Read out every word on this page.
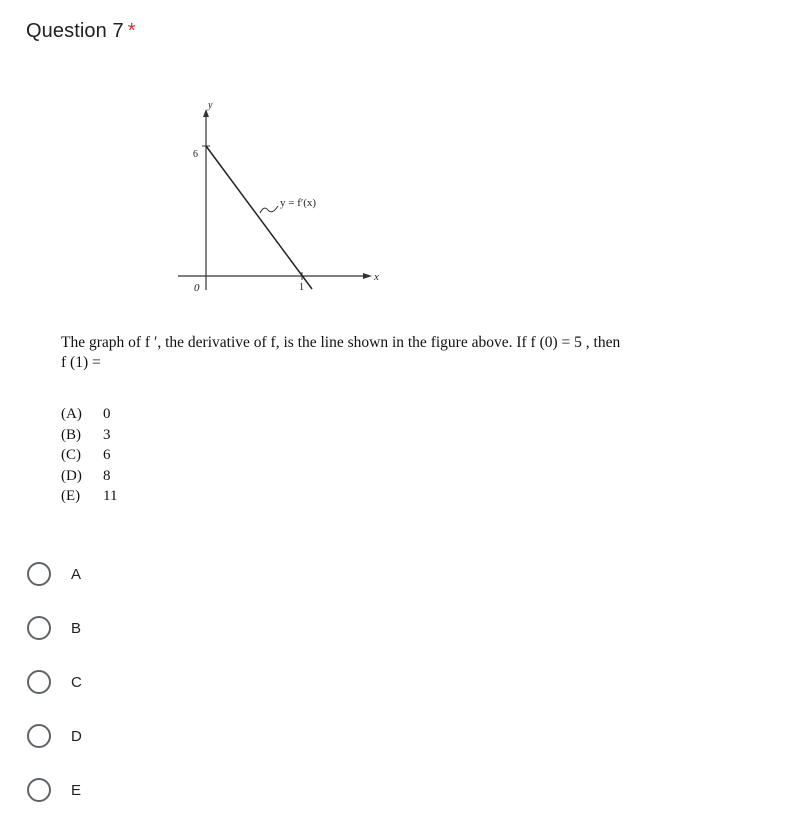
Question 7 *
y
x
0
6
1
y = f′(x)
The graph of f ′, the derivative of f, is the line shown in the figure above. If f (0) = 5 , then
f (1) =
(A) 0
(B) 3
(C) 6
(D) 8
(E) 11
A
B
C
D
E
